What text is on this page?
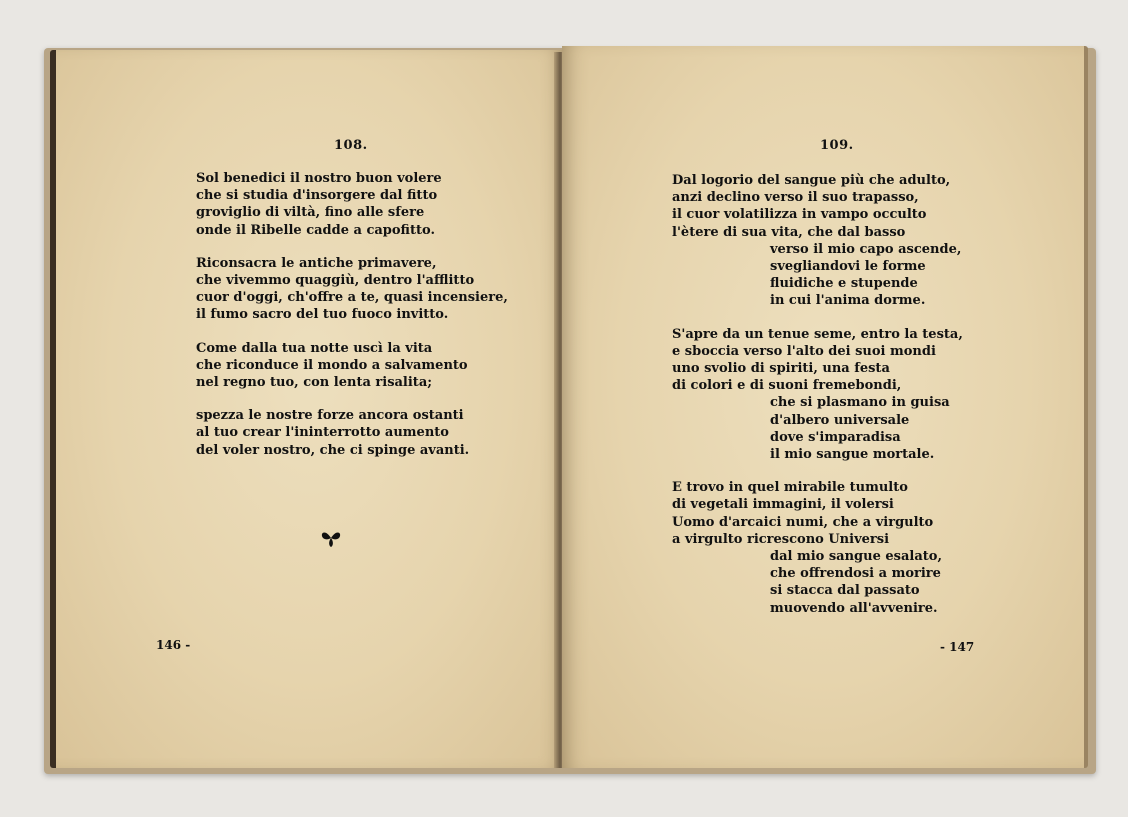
108.
Sol benedici il nostro buon volere
che si studia d'insorgere dal fitto
groviglio di viltà, fino alle sfere
onde il Ribelle cadde a capofitto.
Riconsacra le antiche primavere,
che vivemmo quaggiù, dentro l'afflitto
cuor d'oggi, ch'offre a te, quasi incensiere,
il fumo sacro del tuo fuoco invitto.
Come dalla tua notte uscì la vita
che riconduce il mondo a salvamento
nel regno tuo, con lenta risalita;
spezza le nostre forze ancora ostanti
al tuo crear l'ininterrotto aumento
del voler nostro, che ci spinge avanti.
146 -
109.
Dal logorio del sangue più che adulto,
anzi declino verso il suo trapasso,
il cuor volatilizza in vampo occulto
l'ètere di sua vita, che dal basso
verso il mio capo ascende,
svegliandovi le forme
fluidiche e stupende
in cui l'anima dorme.
S'apre da un tenue seme, entro la testa,
e sboccia verso l'alto dei suoi mondi
uno svolio di spiriti, una festa
di colori e di suoni fremebondi,
che si plasmano in guisa
d'albero universale
dove s'imparadisa
il mio sangue mortale.
E trovo in quel mirabile tumulto
di vegetali immagini, il volersi
Uomo d'arcaici numi, che a virgulto
a virgulto ricrescono Universi
dal mio sangue esalato,
che offrendosi a morire
si stacca dal passato
muovendo all'avvenire.
- 147
